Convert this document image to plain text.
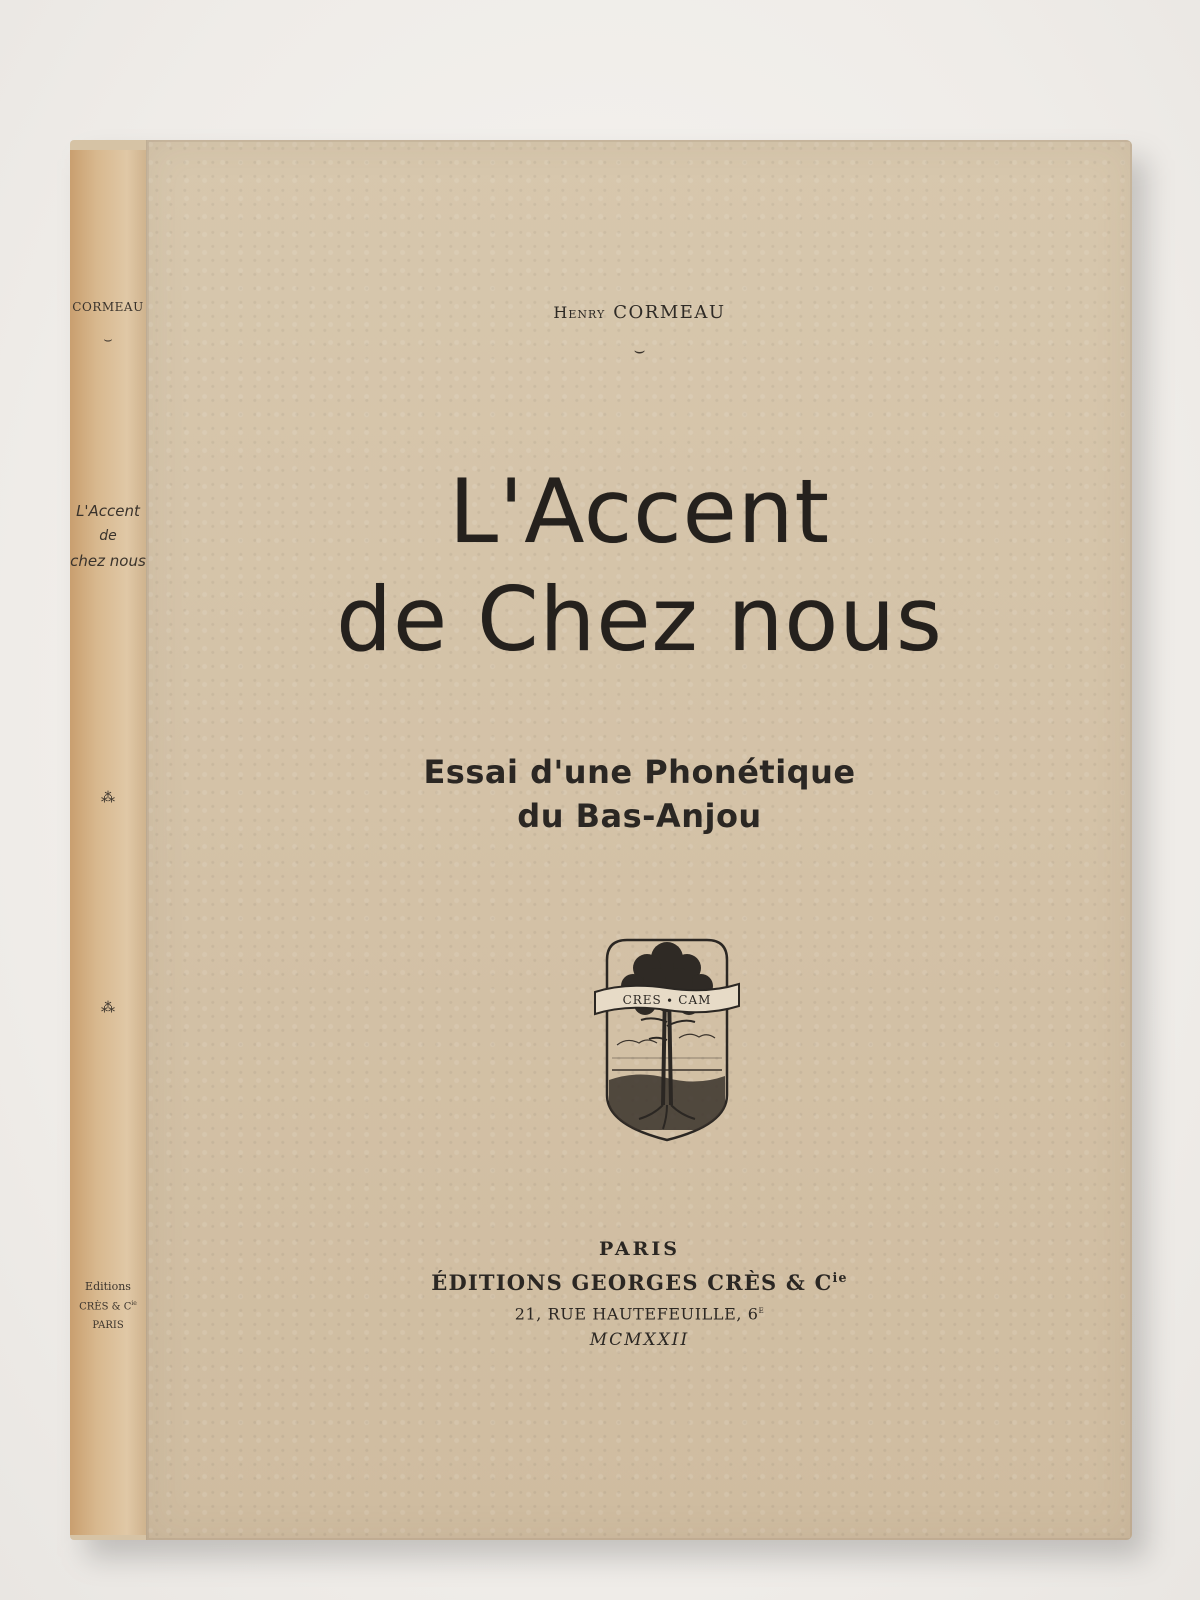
CORMEAU
⌣
L'Accent
de
chez nous
⁂
⁂
Editions
CRÈS & $C^{ie}$
PARIS
Henry CORMEAU
⌣
L'Accent
de Chez nous
Essai d'une Phonétique
du Bas-Anjou
CRES ∙ CAM
PARIS
ÉDITIONS GEORGES CRÈS & $C^{ie}$
21, RUE HAUTEFEUILLE, 6e
MCMXXII
